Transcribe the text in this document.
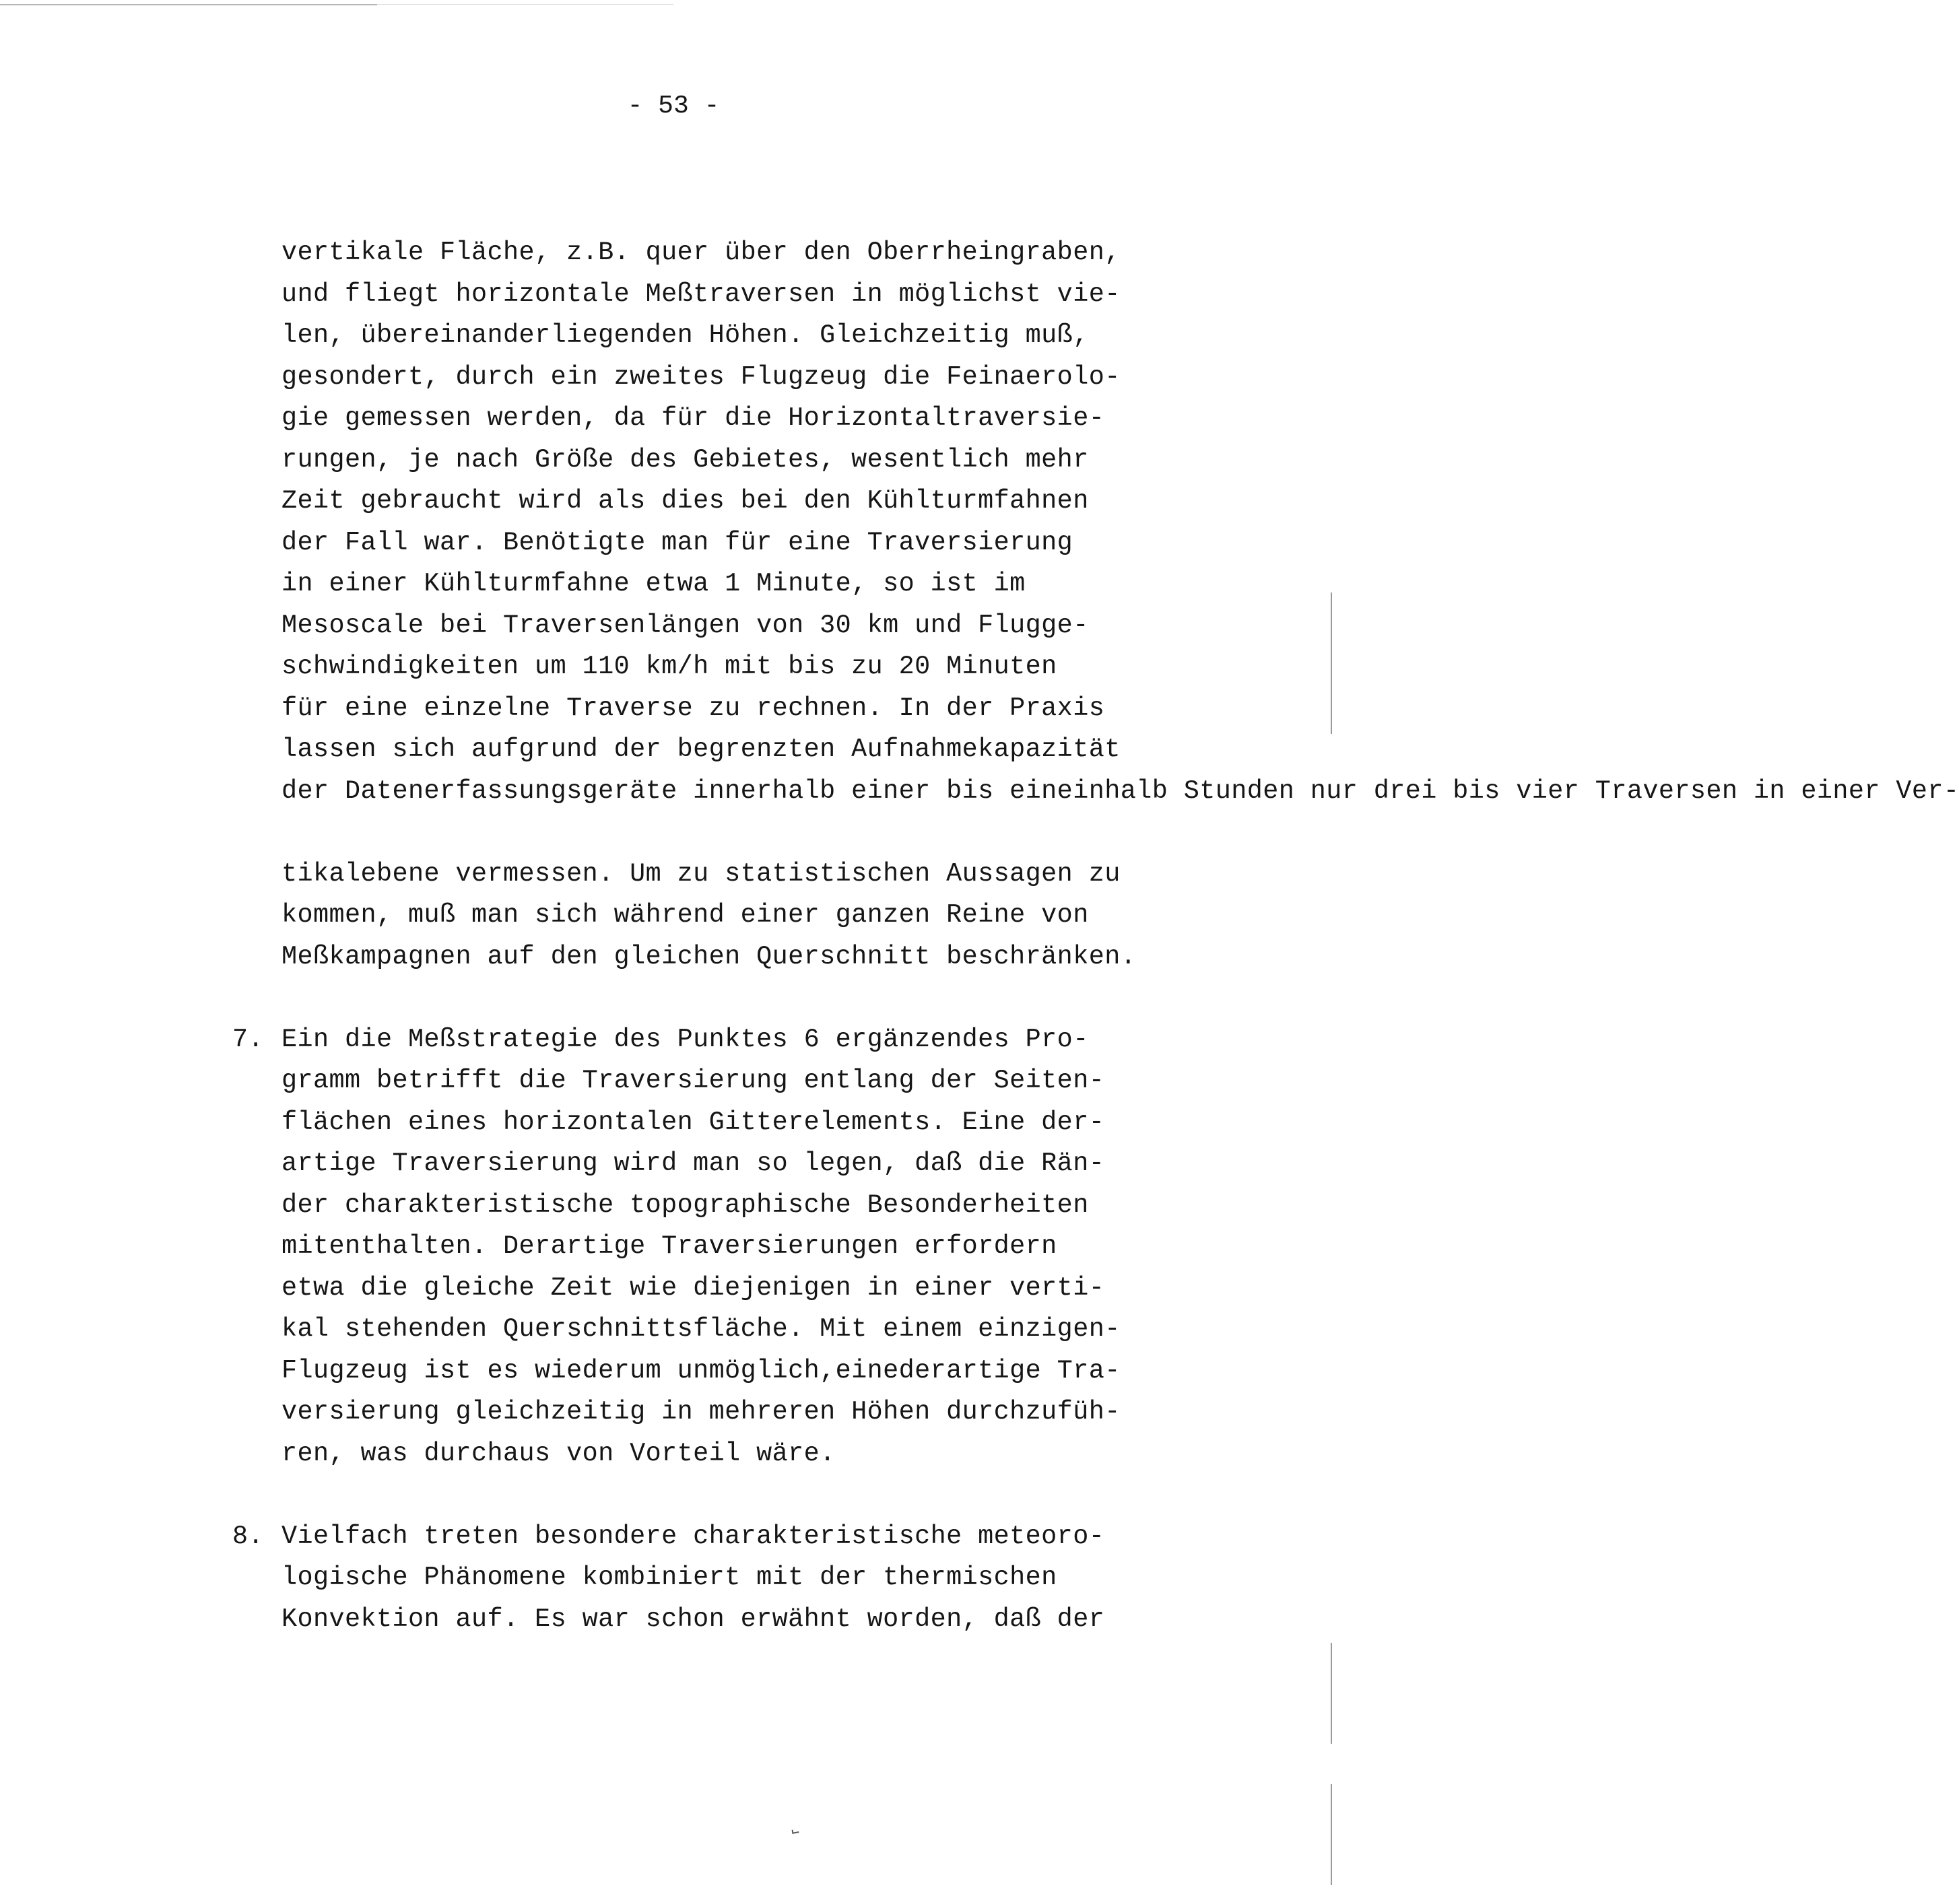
- 53 -
vertikale Fläche, z.B. quer über den Oberrheingraben,
und fliegt horizontale Meßtraversen in möglichst vie-
len, übereinanderliegenden Höhen. Gleichzeitig muß,
gesondert, durch ein zweites Flugzeug die Feinaerolo-
gie gemessen werden, da für die Horizontaltraversie-
rungen, je nach Größe des Gebietes, wesentlich mehr
Zeit gebraucht wird als dies bei den Kühlturmfahnen
der Fall war. Benötigte man für eine Traversierung
in einer Kühlturmfahne etwa 1 Minute, so ist im
Mesoscale bei Traversenlängen von 30 km und Flugge-
schwindigkeiten um 110 km/h mit bis zu 20 Minuten
für eine einzelne Traverse zu rechnen. In der Praxis
lassen sich aufgrund der begrenzten Aufnahmekapazität
der Datenerfassungsgeräte innerhalb einer bis eineinhalb Stunden nur drei bis vier Traversen in einer Ver-
tikalebene vermessen. Um zu statistischen Aussagen zu
kommen, muß man sich während einer ganzen Reine von
Meßkampagnen auf den gleichen Querschnitt beschränken.
7. Ein die Meßstrategie des Punktes 6 ergänzendes Pro-
gramm betrifft die Traversierung entlang der Seiten-
flächen eines horizontalen Gitterelements. Eine der-
artige Traversierung wird man so legen, daß die Rän-
der charakteristische topographische Besonderheiten
mitenthalten. Derartige Traversierungen erfordern
etwa die gleiche Zeit wie diejenigen in einer verti-
kal stehenden Querschnittsfläche. Mit einem einzigen-
Flugzeug ist es wiederum unmöglich,einederartige Tra-
versierung gleichzeitig in mehreren Höhen durchzufüh-
ren, was durchaus von Vorteil wäre.
8. Vielfach treten besondere charakteristische meteoro-
logische Phänomene kombiniert mit der thermischen
Konvektion auf. Es war schon erwähnt worden, daß der
